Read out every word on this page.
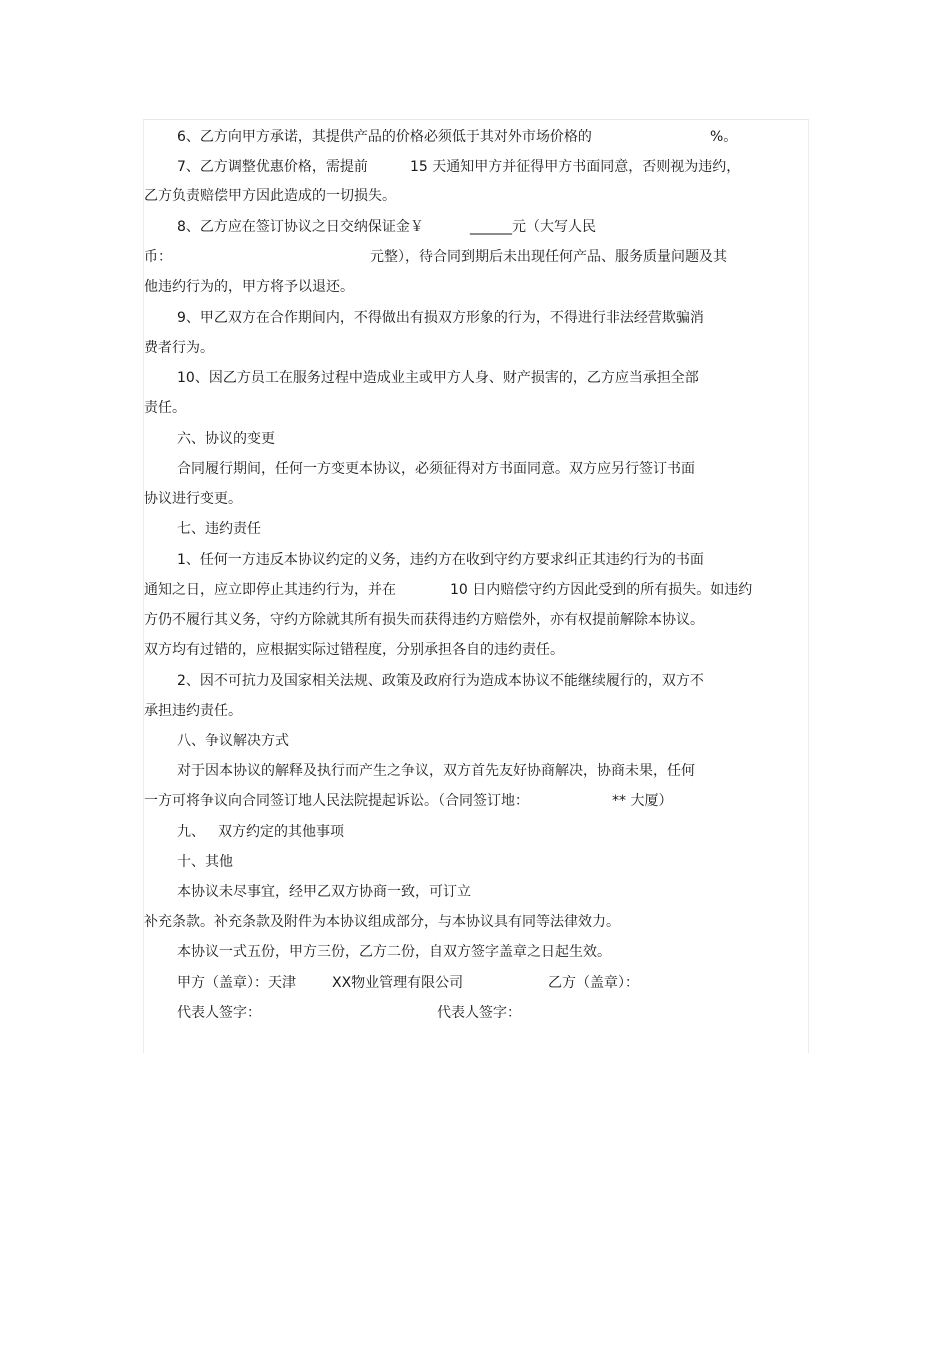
6、乙方向甲方承诺，其提供产品的价格必须低于其对外市场价格的	%。
7、乙方调整优惠价格，需提前	15 天通知甲方并征得甲方书面同意，否则视为违约，
乙方负责赔偿甲方因此造成的一切损失。
8、乙方应在签订协议之日交纳保证金￥	______元（大写人民
币：	元整），待合同到期后未出现任何产品、服务质量问题及其
他违约行为的，甲方将予以退还。
9、甲乙双方在合作期间内，不得做出有损双方形象的行为，不得进行非法经营欺骗消
费者行为。
10、因乙方员工在服务过程中造成业主或甲方人身、财产损害的，乙方应当承担全部
责任。
六、协议的变更
合同履行期间，任何一方变更本协议，必须征得对方书面同意。双方应另行签订书面
协议进行变更。
七、违约责任
1、任何一方违反本协议约定的义务，违约方在收到守约方要求纠正其违约行为的书面
通知之日，应立即停止其违约行为，并在	10 日内赔偿守约方因此受到的所有损失。如违约
方仍不履行其义务，守约方除就其所有损失而获得违约方赔偿外，亦有权提前解除本协议。
双方均有过错的，应根据实际过错程度，分别承担各自的违约责任。
2、因不可抗力及国家相关法规、政策及政府行为造成本协议不能继续履行的，双方不
承担违约责任。
八、争议解决方式
对于因本协议的解释及执行而产生之争议，双方首先友好协商解决，协商未果，任何
一方可将争议向合同签订地人民法院提起诉讼。（合同签订地：	** 大厦）
九、 双方约定的其他事项
十、其他
本协议未尽事宜，经甲乙双方协商一致，可订立
补充条款。补充条款及附件为本协议组成部分，与本协议具有同等法律效力。
本协议一式五份，甲方三份，乙方二份，自双方签字盖章之日起生效。
甲方（盖章）：天津	XX物业管理有限公司	乙方（盖章）：
代表人签字：	代表人签字：
